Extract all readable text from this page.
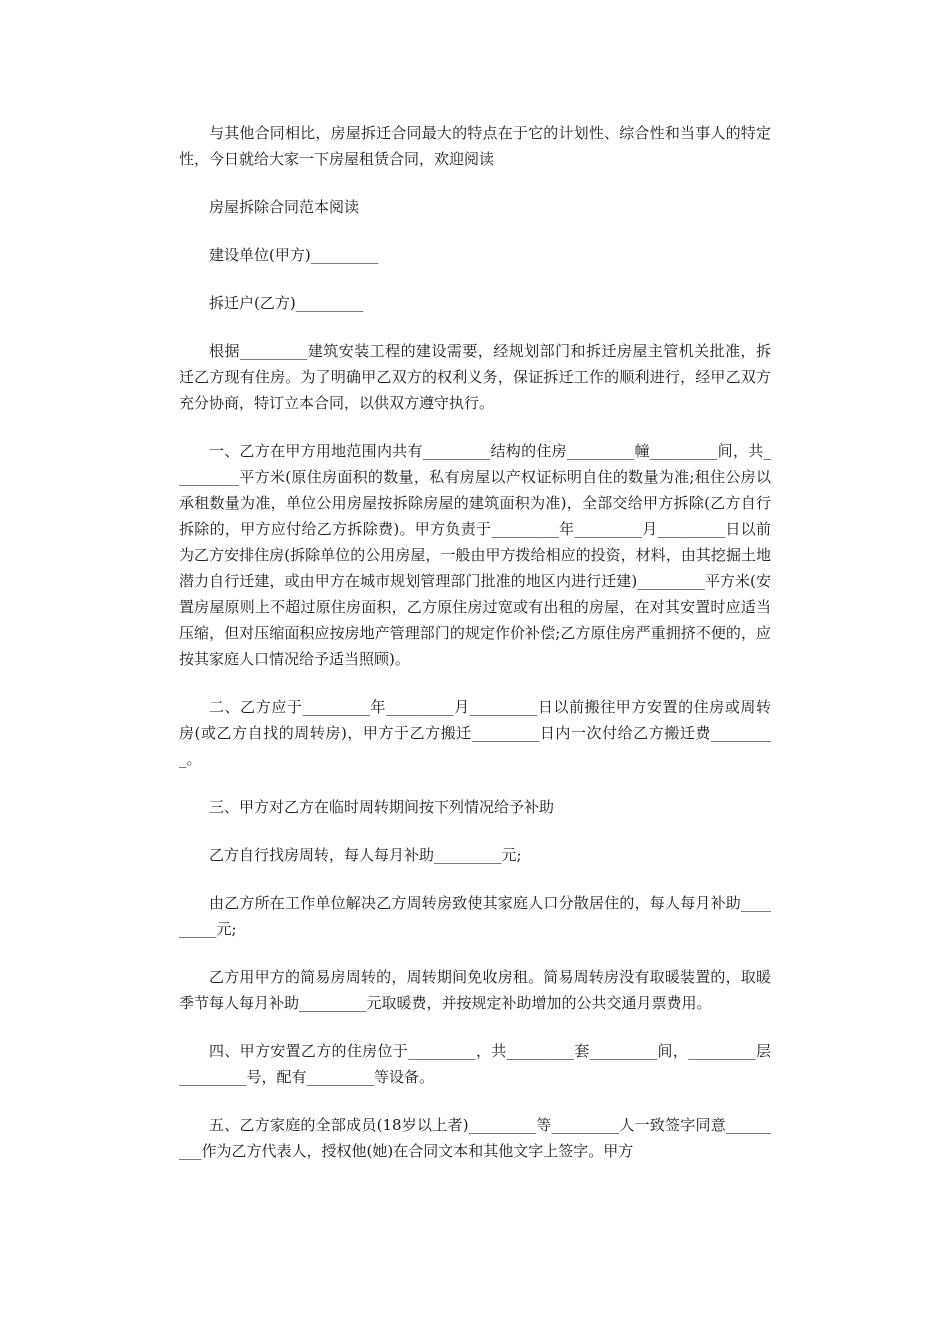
与其他合同相比，房屋拆迁合同最大的特点在于它的计划性、综合性和当事人的特定性，今日就给大家一下房屋租赁合同，欢迎阅读

房屋拆除合同范本阅读

建设单位(甲方)_________

拆迁户(乙方)_________

根据_________建筑安装工程的建设需要，经规划部门和拆迁房屋主管机关批准，拆迁乙方现有住房。为了明确甲乙双方的权利义务，保证拆迁工作的顺利进行，经甲乙双方充分协商，特订立本合同，以供双方遵守执行。

一、乙方在甲方用地范围内共有_________结构的住房_________幢_________间，共_________平方米(原住房面积的数量，私有房屋以产权证标明自住的数量为准;租住公房以承租数量为准，单位公用房屋按拆除房屋的建筑面积为准)，全部交给甲方拆除(乙方自行拆除的，甲方应付给乙方拆除费)。甲方负责于_________年_________月_________日以前为乙方安排住房(拆除单位的公用房屋，一般由甲方拨给相应的投资，材料，由其挖掘土地潜力自行迁建，或由甲方在城市规划管理部门批准的地区内进行迁建)_________平方米(安置房屋原则上不超过原住房面积，乙方原住房过宽或有出租的房屋，在对其安置时应适当压缩，但对压缩面积应按房地产管理部门的规定作价补偿;乙方原住房严重拥挤不便的，应按其家庭人口情况给予适当照顾)。

二、乙方应于_________年_________月_________日以前搬往甲方安置的住房或周转房(或乙方自找的周转房)，甲方于乙方搬迁_________日内一次付给乙方搬迁费_________。

三、甲方对乙方在临时周转期间按下列情况给予补助

乙方自行找房周转，每人每月补助_________元;

由乙方所在工作单位解决乙方周转房致使其家庭人口分散居住的，每人每月补助_________元;

乙方用甲方的简易房周转的，周转期间免收房租。简易周转房没有取暖装置的，取暖季节每人每月补助_________元取暖费，并按规定补助增加的公共交通月票费用。

四、甲方安置乙方的住房位于_________，共_________套_________间，_________层_________号，配有_________等设备。

五、乙方家庭的全部成员(18岁以上者)_________等_________人一致签字同意_________作为乙方代表人，授权他(她)在合同文本和其他文字上签字。甲方
